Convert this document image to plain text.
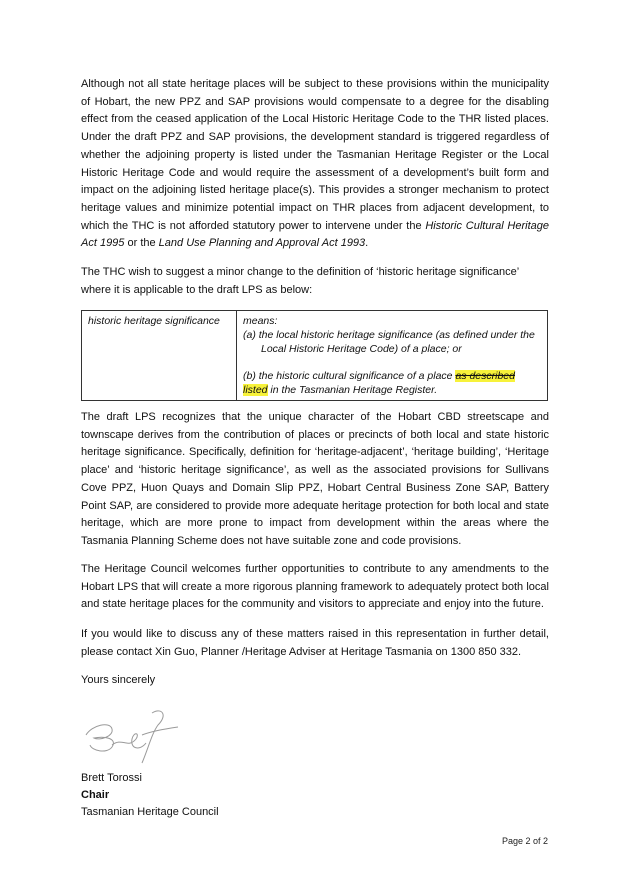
Although not all state heritage places will be subject to these provisions within the municipality of Hobart, the new PPZ and SAP provisions would compensate to a degree for the disabling effect from the ceased application of the Local Historic Heritage Code to the THR listed places. Under the draft PPZ and SAP provisions, the development standard is triggered regardless of whether the adjoining property is listed under the Tasmanian Heritage Register or the Local Historic Heritage Code and would require the assessment of a development’s built form and impact on the adjoining listed heritage place(s). This provides a stronger mechanism to protect heritage values and minimize potential impact on THR places from adjacent development, to which the THC is not afforded statutory power to intervene under the Historic Cultural Heritage Act 1995 or the Land Use Planning and Approval Act 1993.

The THC wish to suggest a minor change to the definition of ‘historic heritage significance’ where it is applicable to the draft LPS as below:

historic heritage significance	means:
(a) the local historic heritage significance (as defined under the Local Historic Heritage Code) of a place; or
(b) the historic cultural significance of a place as described listed in the Tasmanian Heritage Register.

The draft LPS recognizes that the unique character of the Hobart CBD streetscape and townscape derives from the contribution of places or precincts of both local and state historic heritage significance. Specifically, definition for ‘heritage-adjacent’, ‘heritage building’, ‘Heritage place’ and ‘historic heritage significance’, as well as the associated provisions for Sullivans Cove PPZ, Huon Quays and Domain Slip PPZ, Hobart Central Business Zone SAP, Battery Point SAP, are considered to provide more adequate heritage protection for both local and state heritage, which are more prone to impact from development within the areas where the Tasmania Planning Scheme does not have suitable zone and code provisions.

The Heritage Council welcomes further opportunities to contribute to any amendments to the Hobart LPS that will create a more rigorous planning framework to adequately protect both local and state heritage places for the community and visitors to appreciate and enjoy into the future.

If you would like to discuss any of these matters raised in this representation in further detail, please contact Xin Guo, Planner /Heritage Adviser at Heritage Tasmania on 1300 850 332.

Yours sincerely

Brett Torossi
Chair
Tasmanian Heritage Council
Page 2 of 2
